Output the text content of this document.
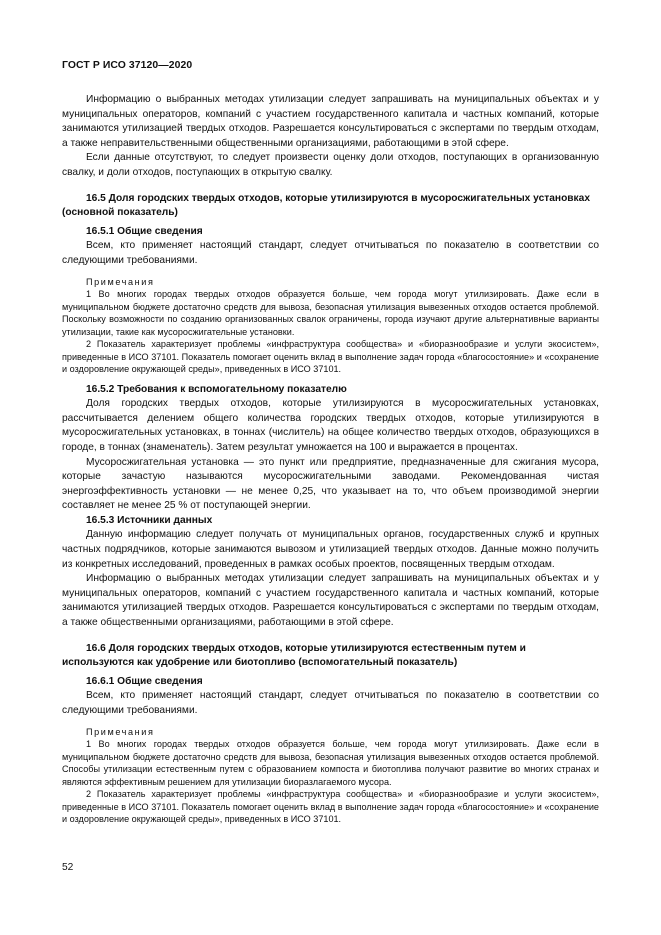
ГОСТ Р ИСО 37120—2020
Информацию о выбранных методах утилизации следует запрашивать на муниципальных объектах и у муниципальных операторов, компаний с участием государственного капитала и частных компаний, которые занимаются утилизацией твердых отходов. Разрешается консультироваться с экспертами по твердым отходам, а также неправительственными общественными организациями, работающими в этой сфере.
Если данные отсутствуют, то следует произвести оценку доли отходов, поступающих в организованную свалку, и доли отходов, поступающих в открытую свалку.
16.5 Доля городских твердых отходов, которые утилизируются в мусоросжигательных установках (основной показатель)
16.5.1 Общие сведения
Всем, кто применяет настоящий стандарт, следует отчитываться по показателю в соответствии со следующими требованиями.
Примечания
1 Во многих городах твердых отходов образуется больше, чем города могут утилизировать. Даже если в муниципальном бюджете достаточно средств для вывоза, безопасная утилизация вывезенных отходов остается проблемой. Поскольку возможности по созданию организованных свалок ограничены, города изучают другие альтернативные варианты утилизации, такие как мусоросжигательные установки.
2 Показатель характеризует проблемы «инфраструктура сообщества» и «биоразнообразие и услуги экосистем», приведенные в ИСО 37101. Показатель помогает оценить вклад в выполнение задач города «благосостояние» и «сохранение и оздоровление окружающей среды», приведенных в ИСО 37101.
16.5.2 Требования к вспомогательному показателю
Доля городских твердых отходов, которые утилизируются в мусоросжигательных установках, рассчитывается делением общего количества городских твердых отходов, которые утилизируются в мусоросжигательных установках, в тоннах (числитель) на общее количество твердых отходов, образующихся в городе, в тоннах (знаменатель). Затем результат умножается на 100 и выражается в процентах.
Мусоросжигательная установка — это пункт или предприятие, предназначенные для сжигания мусора, которые зачастую называются мусоросжигательными заводами. Рекомендованная чистая энергоэффективность установки — не менее 0,25, что указывает на то, что объем производимой энергии составляет не менее 25 % от поступающей энергии.
16.5.3 Источники данных
Данную информацию следует получать от муниципальных органов, государственных служб и крупных частных подрядчиков, которые занимаются вывозом и утилизацией твердых отходов. Данные можно получить из конкретных исследований, проведенных в рамках особых проектов, посвященных твердым отходам.
Информацию о выбранных методах утилизации следует запрашивать на муниципальных объектах и у муниципальных операторов, компаний с участием государственного капитала и частных компаний, которые занимаются утилизацией твердых отходов. Разрешается консультироваться с экспертами по твердым отходам, а также общественными организациями, работающими в этой сфере.
16.6 Доля городских твердых отходов, которые утилизируются естественным путем и используются как удобрение или биотопливо (вспомогательный показатель)
16.6.1 Общие сведения
Всем, кто применяет настоящий стандарт, следует отчитываться по показателю в соответствии со следующими требованиями.
Примечания
1 Во многих городах твердых отходов образуется больше, чем города могут утилизировать. Даже если в муниципальном бюджете достаточно средств для вывоза, безопасная утилизация вывезенных отходов остается проблемой. Способы утилизации естественным путем с образованием компоста и биотоплива получают развитие во многих странах и являются эффективным решением для утилизации биоразлагаемого мусора.
2 Показатель характеризует проблемы «инфраструктура сообщества» и «биоразнообразие и услуги экосистем», приведенные в ИСО 37101. Показатель помогает оценить вклад в выполнение задач города «благосостояние» и «сохранение и оздоровление окружающей среды», приведенных в ИСО 37101.
52
